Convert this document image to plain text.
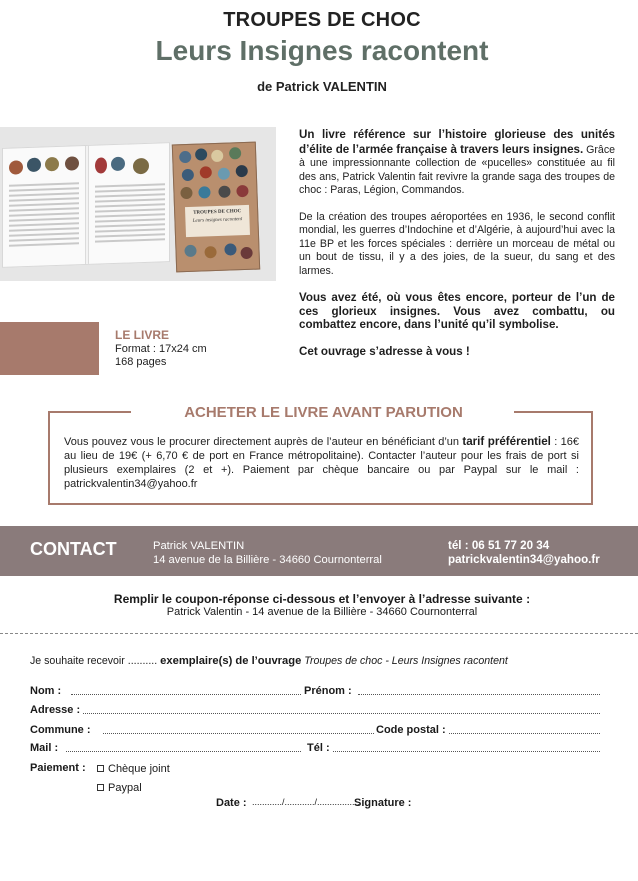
TROUPES DE CHOC
Leurs Insignes racontent
de Patrick VALENTIN
TROUPES DE CHOC
Leurs insignes racontent
LE LIVRE
Format : 17x24 cm
168 pages

Un livre référence sur l’histoire glorieuse des unités d’élite de l’armée française à travers leurs insignes. Grâce à une impressionnante collection de «pucelles» constituée au fil des ans, Patrick Valentin fait revivre la grande saga des troupes de choc : Paras, Légion, Commandos.

De la création des troupes aéroportées en 1936, le second conflit mondial, les guerres d’Indochine et d’Algérie, à aujourd’hui avec la 11e BP et les forces spéciales : derrière un morceau de métal ou un bout de tissu, il y a des joies, de la sueur, du sang et des larmes.

Vous avez été, où vous êtes encore, porteur de l’un de ces glorieux insignes. Vous avez combattu, ou combattez encore, dans l’unité qu’il symbolise.

Cet ouvrage s’adresse à vous !

ACHETER LE LIVRE AVANT PARUTION
Vous pouvez vous le procurer directement auprès de l’auteur en bénéficiant d’un tarif préférentiel : 16€ au lieu de 19€ (+ 6,70 € de port en France métropolitaine). Contacter l’auteur pour les frais de port si plusieurs exemplaires (2 et +). Paiement par chèque bancaire ou par Paypal sur le mail : patrickvalentin34@yahoo.fr
CONTACT	Patrick VALENTIN
14 avenue de la Billière - 34660 Cournonterral
tél : 06 51 77 20 34
patrickvalentin34@yahoo.fr
Remplir le coupon-réponse ci-dessous et l’envoyer à l’adresse suivante :
Patrick Valentin - 14 avenue de la Billière - 34660 Cournonterral
Je souhaite recevoir .......... exemplaire(s) de l’ouvrage Troupes de choc - Leurs Insignes racontent
Nom :	Prénom :
Adresse :
Commune :	Code postal :
Mail :	Tél :
Paiement :	Chèque joint
Paypal
Date : ............/............/.................
Signature :
